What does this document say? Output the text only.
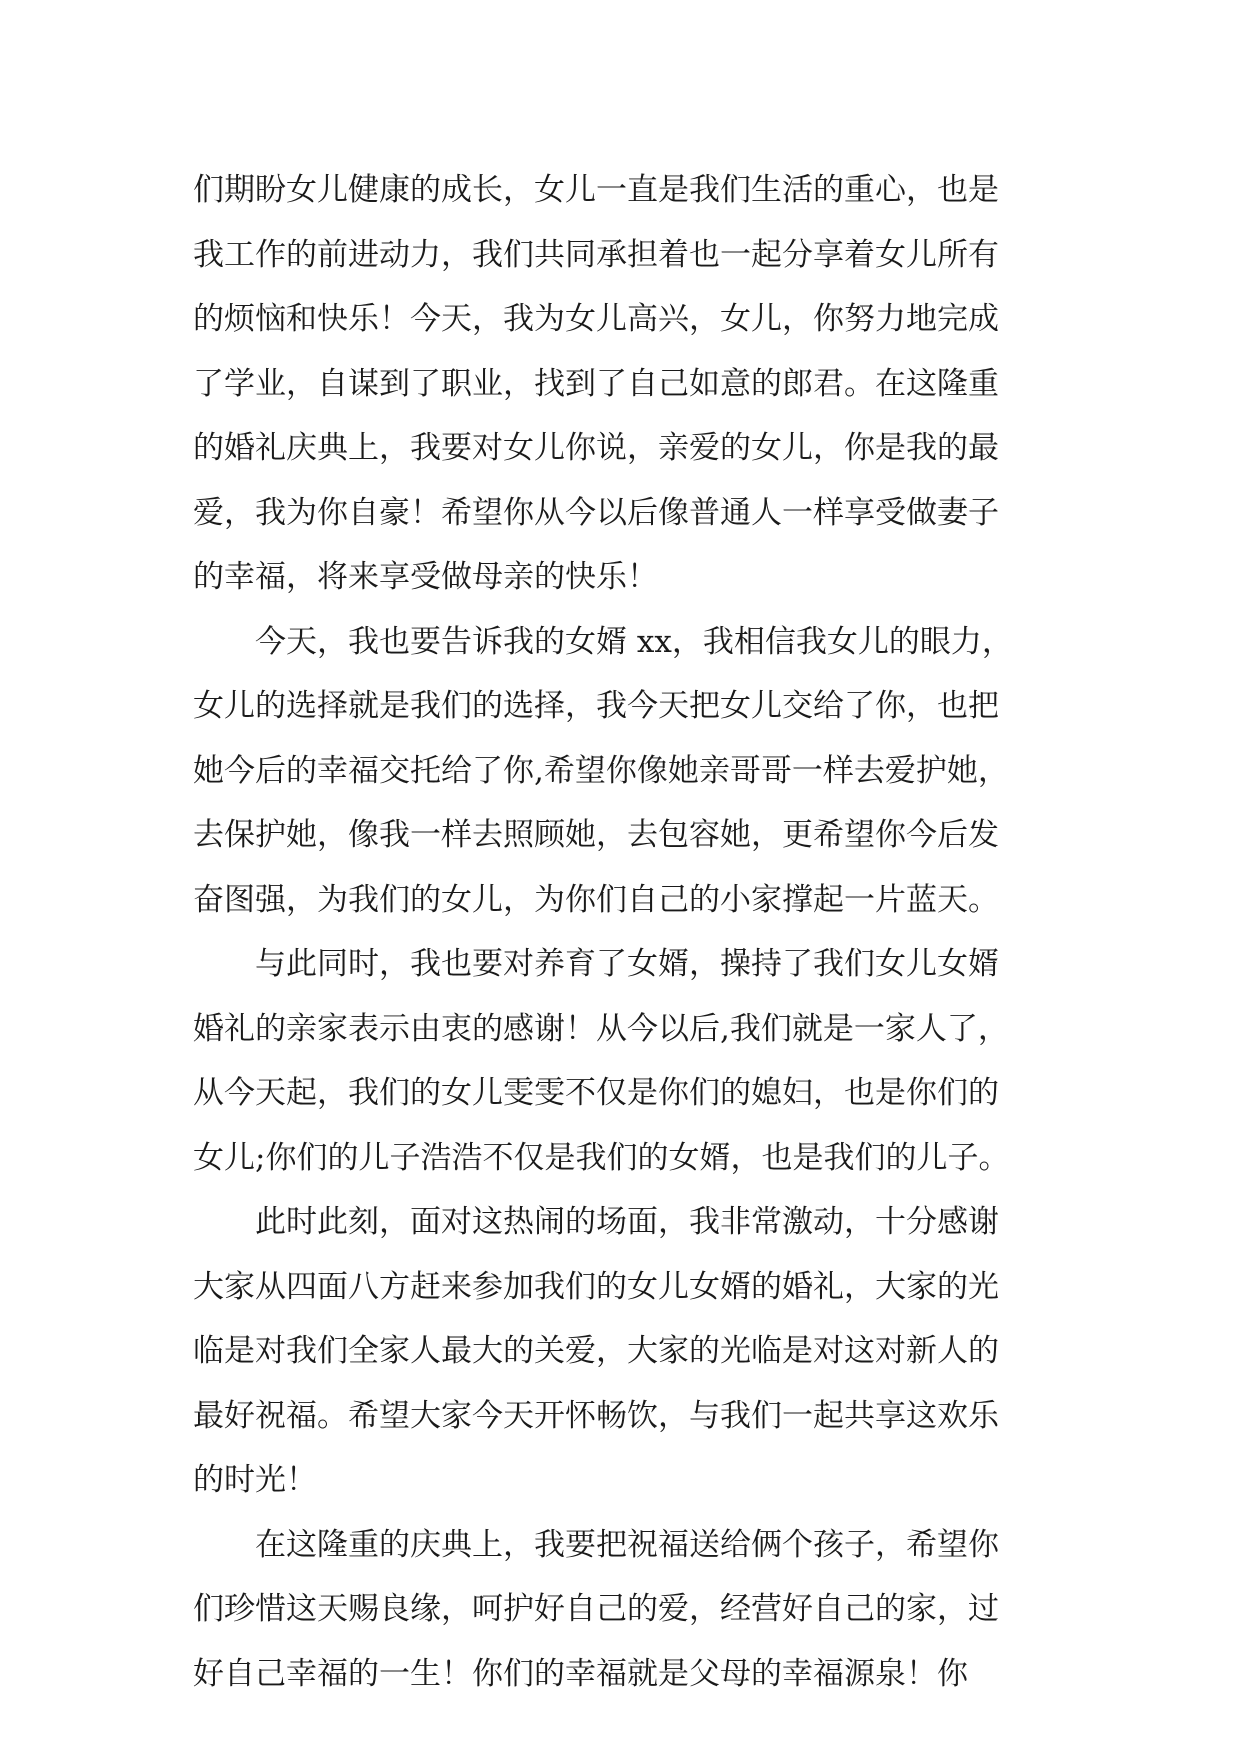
们期盼女儿健康的成长，女儿一直是我们生活的重心，也是

我工作的前进动力，我们共同承担着也一起分享着女儿所有

的烦恼和快乐！今天，我为女儿高兴，女儿，你努力地完成

了学业，自谋到了职业，找到了自己如意的郎君。在这隆重

的婚礼庆典上，我要对女儿你说，亲爱的女儿，你是我的最

爱，我为你自豪！希望你从今以后像普通人一样享受做妻子

的幸福，将来享受做母亲的快乐！

　　今天，我也要告诉我的女婿 xx，我相信我女儿的眼力，

女儿的选择就是我们的选择，我今天把女儿交给了你，也把

她今后的幸福交托给了你,希望你像她亲哥哥一样去爱护她，

去保护她，像我一样去照顾她，去包容她，更希望你今后发

奋图强，为我们的女儿，为你们自己的小家撑起一片蓝天。

　　与此同时，我也要对养育了女婿，操持了我们女儿女婿

婚礼的亲家表示由衷的感谢！从今以后,我们就是一家人了，

从今天起，我们的女儿雯雯不仅是你们的媳妇，也是你们的

女儿;你们的儿子浩浩不仅是我们的女婿，也是我们的儿子。

　　此时此刻，面对这热闹的场面，我非常激动，十分感谢

大家从四面八方赶来参加我们的女儿女婿的婚礼，大家的光

临是对我们全家人最大的关爱，大家的光临是对这对新人的

最好祝福。希望大家今天开怀畅饮，与我们一起共享这欢乐

的时光！

　　在这隆重的庆典上，我要把祝福送给俩个孩子，希望你

们珍惜这天赐良缘，呵护好自己的爱，经营好自己的家，过

好自己幸福的一生！你们的幸福就是父母的幸福源泉！你
